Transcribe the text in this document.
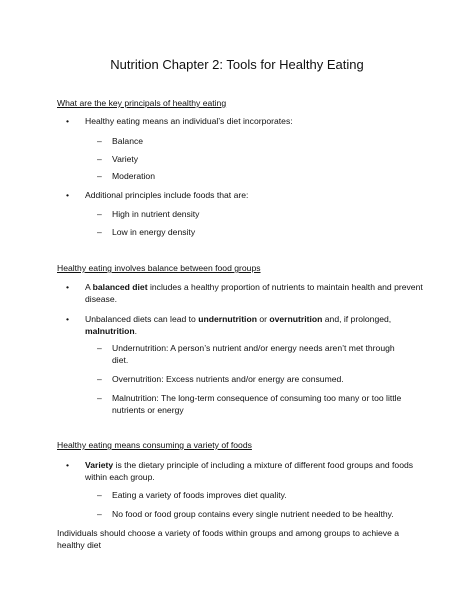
Nutrition Chapter 2: Tools for Healthy Eating
What are the key principals of healthy eating
• Healthy eating means an individual’s diet incorporates:
– Balance
– Variety
– Moderation
• Additional principles include foods that are:
– High in nutrient density
– Low in energy density
Healthy eating involves balance between food groups
• A balanced diet includes a healthy proportion of nutrients to maintain health and prevent disease.
• Unbalanced diets can lead to undernutrition or overnutrition and, if prolonged, malnutrition.
– Undernutrition: A person’s nutrient and/or energy needs aren’t met through diet.
– Overnutrition: Excess nutrients and/or energy are consumed.
– Malnutrition: The long-term consequence of consuming too many or too little nutrients or energy
Healthy eating means consuming a variety of foods
• Variety is the dietary principle of including a mixture of different food groups and foods within each group.
– Eating a variety of foods improves diet quality.
– No food or food group contains every single nutrient needed to be healthy.
Individuals should choose a variety of foods within groups and among groups to achieve a healthy diet
